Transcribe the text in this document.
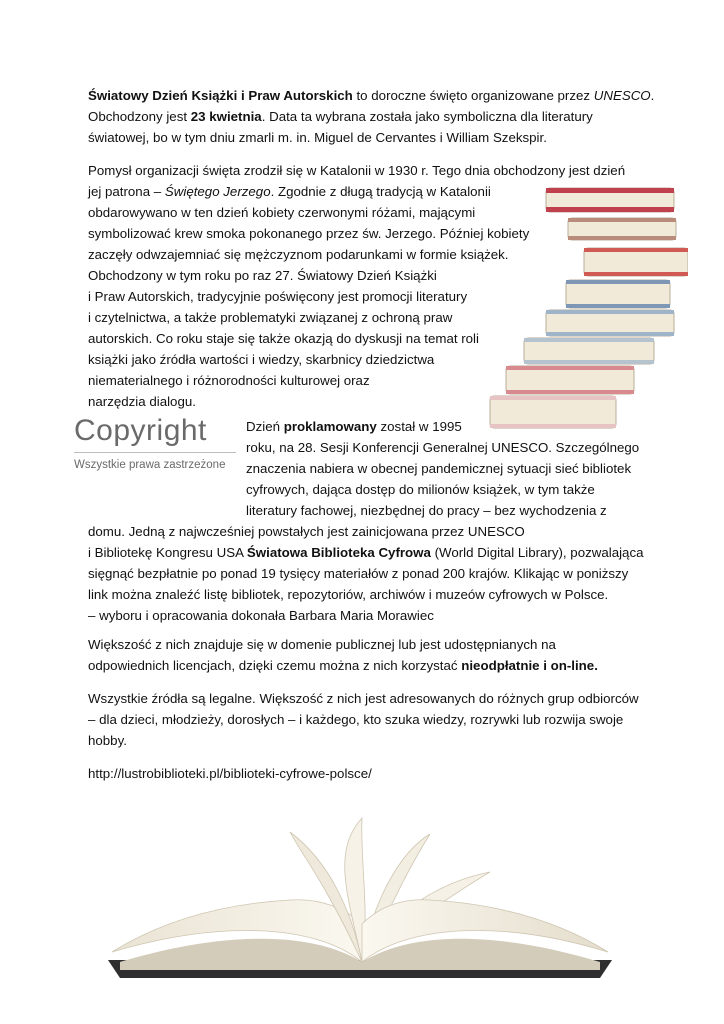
Światowy Dzień Książki i Praw Autorskich to doroczne święto organizowane przez UNESCO.
Obchodzony jest 23 kwietnia. Data ta wybrana została jako symboliczna dla literatury
światowej, bo w tym dniu zmarli m. in. Miguel de Cervantes i William Szekspir.
Pomysł organizacji święta zrodził się w Katalonii w 1930 r. Tego dnia obchodzony jest dzień
jej patrona – Świętego Jerzego. Zgodnie z długą tradycją w Katalonii
obdarowywano w ten dzień kobiety czerwonymi różami, mającymi
symbolizować krew smoka pokonanego przez św. Jerzego. Później kobiety
zaczęły odwzajemniać się mężczyznom podarunkami w formie książek.
Obchodzony w tym roku po raz 27. Światowy Dzień Książki
i Praw Autorskich, tradycyjnie poświęcony jest promocji literatury
i czytelnictwa, a także problematyki związanej z ochroną praw
autorskich. Co roku staje się także okazją do dyskusji na temat roli
książki jako źródła wartości i wiedzy, skarbnicy dziedzictwa
niematerialnego i różnorodności kulturowej oraz
narzędzia dialogu.
Copyright
Wszystkie prawa zastrzeżone
Dzień proklamowany został w 1995
roku, na 28. Sesji Konferencji Generalnej UNESCO. Szczególnego
znaczenia nabiera w obecnej pandemicznej sytuacji sieć bibliotek
cyfrowych, dająca dostęp do milionów książek, w tym także
literatury fachowej, niezbędnej do pracy – bez wychodzenia z
domu. Jedną z najwcześniej powstałych jest zainicjowana przez UNESCO
i Bibliotekę Kongresu USA Światowa Biblioteka Cyfrowa (World Digital Library), pozwalająca
sięgnąć bezpłatnie po ponad 19 tysięcy materiałów z ponad 200 krajów. Klikając w poniższy
link można znaleźć listę bibliotek, repozytoriów, archiwów i muzeów cyfrowych w Polsce.
– wyboru i opracowania dokonała Barbara Maria Morawiec
Większość z nich znajduje się w domenie publicznej lub jest udostępnianych na
odpowiednich licencjach, dzięki czemu można z nich korzystać nieodpłatnie i on-line.
Wszystkie źródła są legalne. Większość z nich jest adresowanych do różnych grup odbiorców
– dla dzieci, młodzieży, dorosłych – i każdego, kto szuka wiedzy, rozrywki lub rozwija swoje
hobby.
http://lustrobiblioteki.pl/biblioteki-cyfrowe-polsce/
